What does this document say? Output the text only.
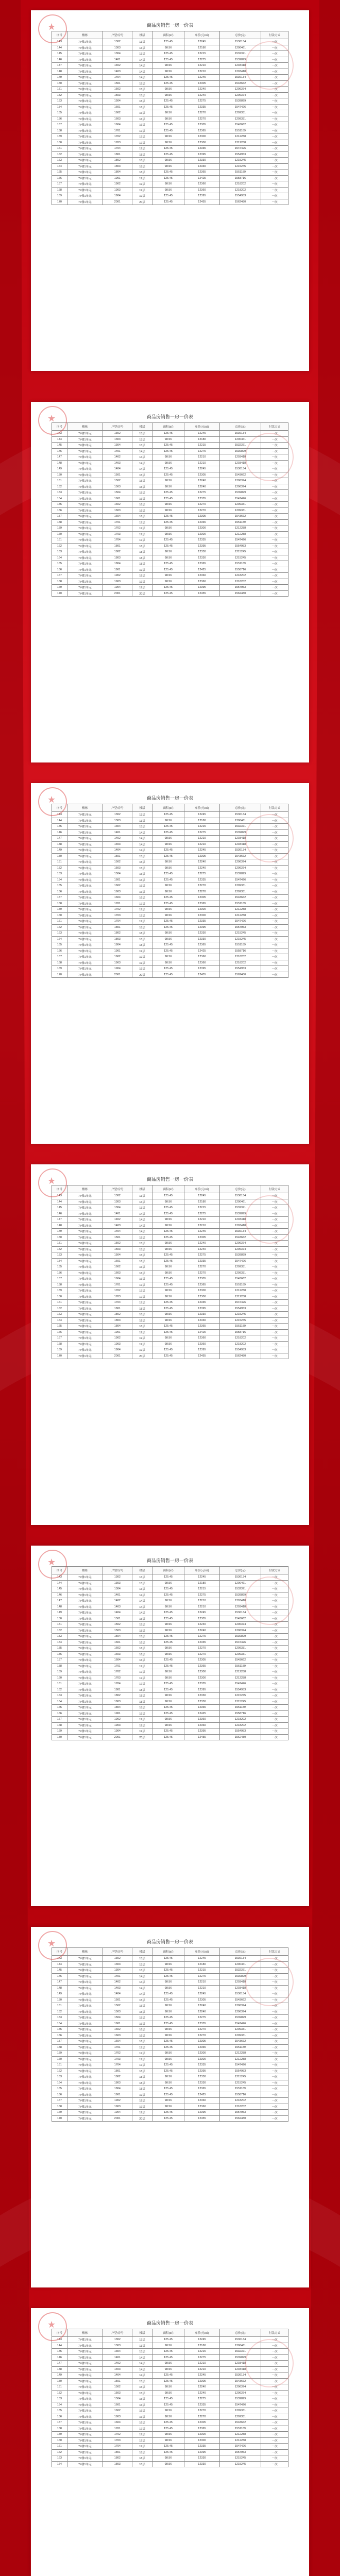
★
商品房销售一房一价表
序号	楼栋	户型/房号	楼层	面积(㎡)	单价(元/㎡)	总价(元)	付款方式
143	7#楼1单元	1302	13层	125.45	12245	1536134	一次
144	7#楼1单元	1303	13层	98.56	12180	1200461	一次
145	7#楼1单元	1304	13层	125.45	12215	1532371	一次
146	7#楼1单元	1401	14层	125.45	12275	1539899	一次
147	7#楼1单元	1402	14层	98.56	12210	1203418	一次
148	7#楼1单元	1403	14层	98.56	12210	1203418	一次
149	7#楼1单元	1404	14层	125.45	12245	1536134	一次
150	7#楼1单元	1501	15层	125.45	12305	1543662	一次
151	7#楼1单元	1502	15层	98.56	12240	1206374	一次
152	7#楼1单元	1503	15层	98.56	12240	1206374	一次
153	7#楼1单元	1504	15层	125.45	12275	1539899	一次
154	7#楼1单元	1601	16层	125.45	12335	1547426	一次
155	7#楼1单元	1602	16层	98.56	12270	1209331	一次
156	7#楼1单元	1603	16层	98.56	12270	1209331	一次
157	7#楼1单元	1604	16层	125.45	12305	1543662	一次
158	7#楼1单元	1701	17层	125.45	12365	1551189	一次
159	7#楼1单元	1702	17层	98.56	12300	1212288	一次
160	7#楼1单元	1703	17层	98.56	12300	1212288	一次
161	7#楼1单元	1704	17层	125.45	12335	1547426	一次
162	7#楼1单元	1801	18层	125.45	12395	1554953	一次
163	7#楼1单元	1802	18层	98.56	12330	1215245	一次
164	7#楼1单元	1803	18层	98.56	12330	1215245	一次
165	7#楼1单元	1804	18层	125.45	12365	1551189	一次
166	7#楼1单元	1901	19层	125.45	12425	1558716	一次
167	7#楼1单元	1902	19层	98.56	12360	1218202	一次
168	7#楼1单元	1903	19层	98.56	12360	1218202	一次
169	7#楼1单元	1904	19层	125.45	12395	1554953	一次
170	7#楼1单元	2001	20层	125.45	12455	1562480	一次
★
商品房销售一房一价表
序号	楼栋	户型/房号	楼层	面积(㎡)	单价(元/㎡)	总价(元)	付款方式
143	7#楼1单元	1302	13层	125.45	12245	1536134	一次
144	7#楼1单元	1303	13层	98.56	12180	1200461	一次
145	7#楼1单元	1304	13层	125.45	12215	1532371	一次
146	7#楼1单元	1401	14层	125.45	12275	1539899	一次
147	7#楼1单元	1402	14层	98.56	12210	1203418	一次
148	7#楼1单元	1403	14层	98.56	12210	1203418	一次
149	7#楼1单元	1404	14层	125.45	12245	1536134	一次
150	7#楼1单元	1501	15层	125.45	12305	1543662	一次
151	7#楼1单元	1502	15层	98.56	12240	1206374	一次
152	7#楼1单元	1503	15层	98.56	12240	1206374	一次
153	7#楼1单元	1504	15层	125.45	12275	1539899	一次
154	7#楼1单元	1601	16层	125.45	12335	1547426	一次
155	7#楼1单元	1602	16层	98.56	12270	1209331	一次
156	7#楼1单元	1603	16层	98.56	12270	1209331	一次
157	7#楼1单元	1604	16层	125.45	12305	1543662	一次
158	7#楼1单元	1701	17层	125.45	12365	1551189	一次
159	7#楼1单元	1702	17层	98.56	12300	1212288	一次
160	7#楼1单元	1703	17层	98.56	12300	1212288	一次
161	7#楼1单元	1704	17层	125.45	12335	1547426	一次
162	7#楼1单元	1801	18层	125.45	12395	1554953	一次
163	7#楼1单元	1802	18层	98.56	12330	1215245	一次
164	7#楼1单元	1803	18层	98.56	12330	1215245	一次
165	7#楼1单元	1804	18层	125.45	12365	1551189	一次
166	7#楼1单元	1901	19层	125.45	12425	1558716	一次
167	7#楼1单元	1902	19层	98.56	12360	1218202	一次
168	7#楼1单元	1903	19层	98.56	12360	1218202	一次
169	7#楼1单元	1904	19层	125.45	12395	1554953	一次
170	7#楼1单元	2001	20层	125.45	12455	1562480	一次
★
商品房销售一房一价表
序号	楼栋	户型/房号	楼层	面积(㎡)	单价(元/㎡)	总价(元)	付款方式
143	7#楼1单元	1302	13层	125.45	12245	1536134	一次
144	7#楼1单元	1303	13层	98.56	12180	1200461	一次
145	7#楼1单元	1304	13层	125.45	12215	1532371	一次
146	7#楼1单元	1401	14层	125.45	12275	1539899	一次
147	7#楼1单元	1402	14层	98.56	12210	1203418	一次
148	7#楼1单元	1403	14层	98.56	12210	1203418	一次
149	7#楼1单元	1404	14层	125.45	12245	1536134	一次
150	7#楼1单元	1501	15层	125.45	12305	1543662	一次
151	7#楼1单元	1502	15层	98.56	12240	1206374	一次
152	7#楼1单元	1503	15层	98.56	12240	1206374	一次
153	7#楼1单元	1504	15层	125.45	12275	1539899	一次
154	7#楼1单元	1601	16层	125.45	12335	1547426	一次
155	7#楼1单元	1602	16层	98.56	12270	1209331	一次
156	7#楼1单元	1603	16层	98.56	12270	1209331	一次
157	7#楼1单元	1604	16层	125.45	12305	1543662	一次
158	7#楼1单元	1701	17层	125.45	12365	1551189	一次
159	7#楼1单元	1702	17层	98.56	12300	1212288	一次
160	7#楼1单元	1703	17层	98.56	12300	1212288	一次
161	7#楼1单元	1704	17层	125.45	12335	1547426	一次
162	7#楼1单元	1801	18层	125.45	12395	1554953	一次
163	7#楼1单元	1802	18层	98.56	12330	1215245	一次
164	7#楼1单元	1803	18层	98.56	12330	1215245	一次
165	7#楼1单元	1804	18层	125.45	12365	1551189	一次
166	7#楼1单元	1901	19层	125.45	12425	1558716	一次
167	7#楼1单元	1902	19层	98.56	12360	1218202	一次
168	7#楼1单元	1903	19层	98.56	12360	1218202	一次
169	7#楼1单元	1904	19层	125.45	12395	1554953	一次
170	7#楼1单元	2001	20层	125.45	12455	1562480	一次
★
商品房销售一房一价表
序号	楼栋	户型/房号	楼层	面积(㎡)	单价(元/㎡)	总价(元)	付款方式
143	7#楼1单元	1302	13层	125.45	12245	1536134	一次
144	7#楼1单元	1303	13层	98.56	12180	1200461	一次
145	7#楼1单元	1304	13层	125.45	12215	1532371	一次
146	7#楼1单元	1401	14层	125.45	12275	1539899	一次
147	7#楼1单元	1402	14层	98.56	12210	1203418	一次
148	7#楼1单元	1403	14层	98.56	12210	1203418	一次
149	7#楼1单元	1404	14层	125.45	12245	1536134	一次
150	7#楼1单元	1501	15层	125.45	12305	1543662	一次
151	7#楼1单元	1502	15层	98.56	12240	1206374	一次
152	7#楼1单元	1503	15层	98.56	12240	1206374	一次
153	7#楼1单元	1504	15层	125.45	12275	1539899	一次
154	7#楼1单元	1601	16层	125.45	12335	1547426	一次
155	7#楼1单元	1602	16层	98.56	12270	1209331	一次
156	7#楼1单元	1603	16层	98.56	12270	1209331	一次
157	7#楼1单元	1604	16层	125.45	12305	1543662	一次
158	7#楼1单元	1701	17层	125.45	12365	1551189	一次
159	7#楼1单元	1702	17层	98.56	12300	1212288	一次
160	7#楼1单元	1703	17层	98.56	12300	1212288	一次
161	7#楼1单元	1704	17层	125.45	12335	1547426	一次
162	7#楼1单元	1801	18层	125.45	12395	1554953	一次
163	7#楼1单元	1802	18层	98.56	12330	1215245	一次
164	7#楼1单元	1803	18层	98.56	12330	1215245	一次
165	7#楼1单元	1804	18层	125.45	12365	1551189	一次
166	7#楼1单元	1901	19层	125.45	12425	1558716	一次
167	7#楼1单元	1902	19层	98.56	12360	1218202	一次
168	7#楼1单元	1903	19层	98.56	12360	1218202	一次
169	7#楼1单元	1904	19层	125.45	12395	1554953	一次
170	7#楼1单元	2001	20层	125.45	12455	1562480	一次
★
商品房销售一房一价表
序号	楼栋	户型/房号	楼层	面积(㎡)	单价(元/㎡)	总价(元)	付款方式
143	7#楼1单元	1302	13层	125.45	12245	1536134	一次
144	7#楼1单元	1303	13层	98.56	12180	1200461	一次
145	7#楼1单元	1304	13层	125.45	12215	1532371	一次
146	7#楼1单元	1401	14层	125.45	12275	1539899	一次
147	7#楼1单元	1402	14层	98.56	12210	1203418	一次
148	7#楼1单元	1403	14层	98.56	12210	1203418	一次
149	7#楼1单元	1404	14层	125.45	12245	1536134	一次
150	7#楼1单元	1501	15层	125.45	12305	1543662	一次
151	7#楼1单元	1502	15层	98.56	12240	1206374	一次
152	7#楼1单元	1503	15层	98.56	12240	1206374	一次
153	7#楼1单元	1504	15层	125.45	12275	1539899	一次
154	7#楼1单元	1601	16层	125.45	12335	1547426	一次
155	7#楼1单元	1602	16层	98.56	12270	1209331	一次
156	7#楼1单元	1603	16层	98.56	12270	1209331	一次
157	7#楼1单元	1604	16层	125.45	12305	1543662	一次
158	7#楼1单元	1701	17层	125.45	12365	1551189	一次
159	7#楼1单元	1702	17层	98.56	12300	1212288	一次
160	7#楼1单元	1703	17层	98.56	12300	1212288	一次
161	7#楼1单元	1704	17层	125.45	12335	1547426	一次
162	7#楼1单元	1801	18层	125.45	12395	1554953	一次
163	7#楼1单元	1802	18层	98.56	12330	1215245	一次
164	7#楼1单元	1803	18层	98.56	12330	1215245	一次
165	7#楼1单元	1804	18层	125.45	12365	1551189	一次
166	7#楼1单元	1901	19层	125.45	12425	1558716	一次
167	7#楼1单元	1902	19层	98.56	12360	1218202	一次
168	7#楼1单元	1903	19层	98.56	12360	1218202	一次
169	7#楼1单元	1904	19层	125.45	12395	1554953	一次
170	7#楼1单元	2001	20层	125.45	12455	1562480	一次
★
商品房销售一房一价表
序号	楼栋	户型/房号	楼层	面积(㎡)	单价(元/㎡)	总价(元)	付款方式
143	7#楼1单元	1302	13层	125.45	12245	1536134	一次
144	7#楼1单元	1303	13层	98.56	12180	1200461	一次
145	7#楼1单元	1304	13层	125.45	12215	1532371	一次
146	7#楼1单元	1401	14层	125.45	12275	1539899	一次
147	7#楼1单元	1402	14层	98.56	12210	1203418	一次
148	7#楼1单元	1403	14层	98.56	12210	1203418	一次
149	7#楼1单元	1404	14层	125.45	12245	1536134	一次
150	7#楼1单元	1501	15层	125.45	12305	1543662	一次
151	7#楼1单元	1502	15层	98.56	12240	1206374	一次
152	7#楼1单元	1503	15层	98.56	12240	1206374	一次
153	7#楼1单元	1504	15层	125.45	12275	1539899	一次
154	7#楼1单元	1601	16层	125.45	12335	1547426	一次
155	7#楼1单元	1602	16层	98.56	12270	1209331	一次
156	7#楼1单元	1603	16层	98.56	12270	1209331	一次
157	7#楼1单元	1604	16层	125.45	12305	1543662	一次
158	7#楼1单元	1701	17层	125.45	12365	1551189	一次
159	7#楼1单元	1702	17层	98.56	12300	1212288	一次
160	7#楼1单元	1703	17层	98.56	12300	1212288	一次
161	7#楼1单元	1704	17层	125.45	12335	1547426	一次
162	7#楼1单元	1801	18层	125.45	12395	1554953	一次
163	7#楼1单元	1802	18层	98.56	12330	1215245	一次
164	7#楼1单元	1803	18层	98.56	12330	1215245	一次
165	7#楼1单元	1804	18层	125.45	12365	1551189	一次
166	7#楼1单元	1901	19层	125.45	12425	1558716	一次
167	7#楼1单元	1902	19层	98.56	12360	1218202	一次
168	7#楼1单元	1903	19层	98.56	12360	1218202	一次
169	7#楼1单元	1904	19层	125.45	12395	1554953	一次
170	7#楼1单元	2001	20层	125.45	12455	1562480	一次
★
商品房销售一房一价表
序号	楼栋	户型/房号	楼层	面积(㎡)	单价(元/㎡)	总价(元)	付款方式
143	7#楼1单元	1302	13层	125.45	12245	1536134	一次
144	7#楼1单元	1303	13层	98.56	12180	1200461	一次
145	7#楼1单元	1304	13层	125.45	12215	1532371	一次
146	7#楼1单元	1401	14层	125.45	12275	1539899	一次
147	7#楼1单元	1402	14层	98.56	12210	1203418	一次
148	7#楼1单元	1403	14层	98.56	12210	1203418	一次
149	7#楼1单元	1404	14层	125.45	12245	1536134	一次
150	7#楼1单元	1501	15层	125.45	12305	1543662	一次
151	7#楼1单元	1502	15层	98.56	12240	1206374	一次
152	7#楼1单元	1503	15层	98.56	12240	1206374	一次
153	7#楼1单元	1504	15层	125.45	12275	1539899	一次
154	7#楼1单元	1601	16层	125.45	12335	1547426	一次
155	7#楼1单元	1602	16层	98.56	12270	1209331	一次
156	7#楼1单元	1603	16层	98.56	12270	1209331	一次
157	7#楼1单元	1604	16层	125.45	12305	1543662	一次
158	7#楼1单元	1701	17层	125.45	12365	1551189	一次
159	7#楼1单元	1702	17层	98.56	12300	1212288	一次
160	7#楼1单元	1703	17层	98.56	12300	1212288	一次
161	7#楼1单元	1704	17层	125.45	12335	1547426	一次
162	7#楼1单元	1801	18层	125.45	12395	1554953	一次
163	7#楼1单元	1802	18层	98.56	12330	1215245	一次
164	7#楼1单元	1803	18层	98.56	12330	1215245	一次
